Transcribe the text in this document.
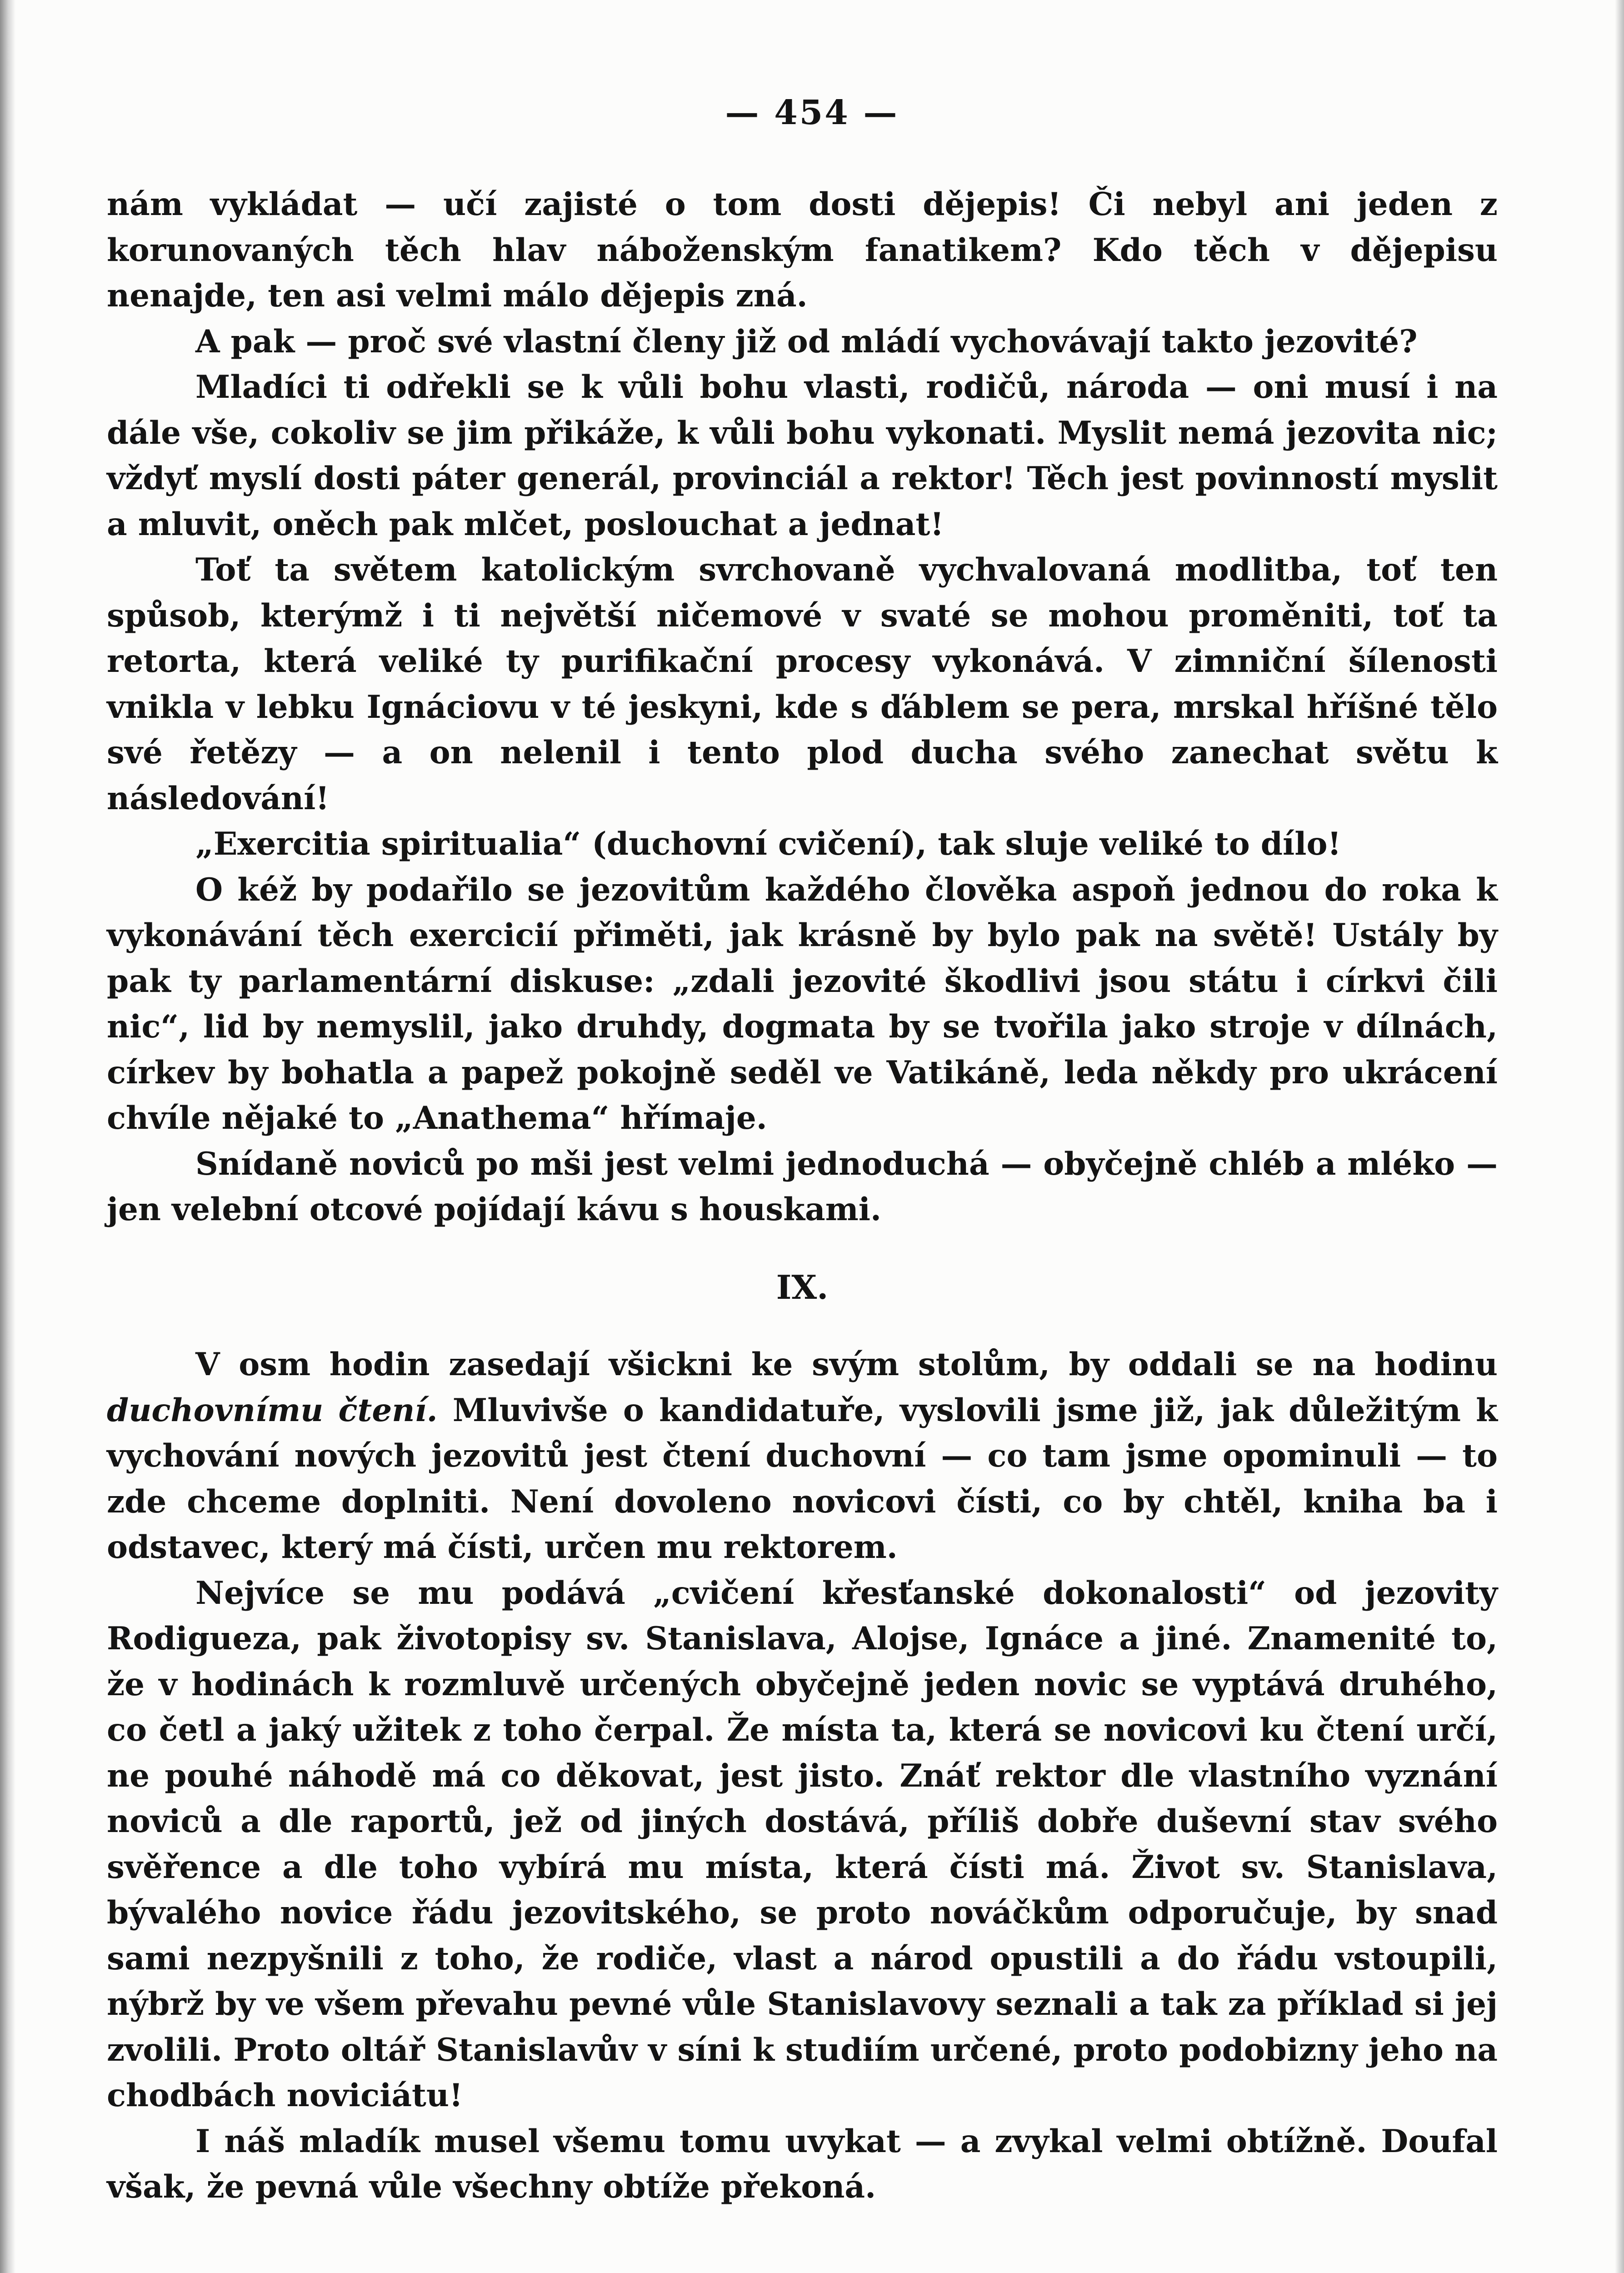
— 454 —

nám vykládat — učí zajisté o tom dosti dějepis! Či nebyl ani jeden z korunovaných těch hlav náboženským fanatikem? Kdo těch v dějepisu nenajde, ten asi velmi málo dějepis zná.

A pak — proč své vlastní členy již od mládí vychovávají takto jezovité?

Mladíci ti odřekli se k vůli bohu vlasti, rodičů, národa — oni musí i na dále vše, cokoliv se jim přikáže, k vůli bohu vykonati. Myslit nemá jezovita nic; vždyť myslí dosti páter generál, provinciál a rektor! Těch jest povinností myslit a mluvit, oněch pak mlčet, poslouchat a jednat!

Toť ta světem katolickým svrchovaně vychvalovaná modlitba, toť ten spůsob, kterýmž i ti největší ničemové v svaté se mohou proměniti, toť ta retorta, která veliké ty purifikační procesy vykonává. V zimniční šílenosti vnikla v lebku Ignáciovu v té jeskyni, kde s ďáblem se pera, mrskal hříšné tělo své řetězy — a on nelenil i tento plod ducha svého zanechat světu k následování!

„Exercitia spiritualia“ (duchovní cvičení), tak sluje veliké to dílo!

O kéž by podařilo se jezovitům každého člověka aspoň jednou do roka k vykonávání těch exercicií přiměti, jak krásně by bylo pak na světě! Ustály by pak ty parlamentární diskuse: „zdali jezovité škodlivi jsou státu i církvi čili nic“, lid by nemyslil, jako druhdy, dogmata by se tvořila jako stroje v dílnách, církev by bohatla a papež pokojně seděl ve Vatikáně, leda někdy pro ukrácení chvíle nějaké to „Anathema“ hřímaje.

Snídaně noviců po mši jest velmi jednoduchá — obyčejně chléb a mléko — jen velební otcové pojídají kávu s houskami.

IX.

V osm hodin zasedají všickni ke svým stolům, by oddali se na hodinu duchovnímu čtení. Mluvivše o kandidatuře, vyslovili jsme již, jak důležitým k vychování nových jezovitů jest čtení duchovní — co tam jsme opominuli — to zde chceme doplniti. Není dovoleno novicovi čísti, co by chtěl, kniha ba i odstavec, který má čísti, určen mu rektorem.

Nejvíce se mu podává „cvičení křesťanské dokonalosti“ od jezovity Rodigueza, pak životopisy sv. Stanislava, Alojse, Ignáce a jiné. Znamenité to, že v hodinách k rozmluvě určených obyčejně jeden novic se vyptává druhého, co četl a jaký užitek z toho čerpal. Že místa ta, která se novicovi ku čtení určí, ne pouhé náhodě má co děkovat, jest jisto. Znáť rektor dle vlastního vyznání noviců a dle raportů, jež od jiných dostává, příliš dobře duševní stav svého svěřence a dle toho vybírá mu místa, která čísti má. Život sv. Stanislava, bývalého novice řádu jezovitského, se proto nováčkům odporučuje, by snad sami nezpyšnili z toho, že rodiče, vlast a národ opustili a do řádu vstoupili, nýbrž by ve všem převahu pevné vůle Stanislavovy seznali a tak za příklad si jej zvolili. Proto oltář Stanislavův v síni k studiím určené, proto podobizny jeho na chodbách noviciátu!

I náš mladík musel všemu tomu uvykat — a zvykal velmi obtížně. Doufal však, že pevná vůle všechny obtíže překoná.
